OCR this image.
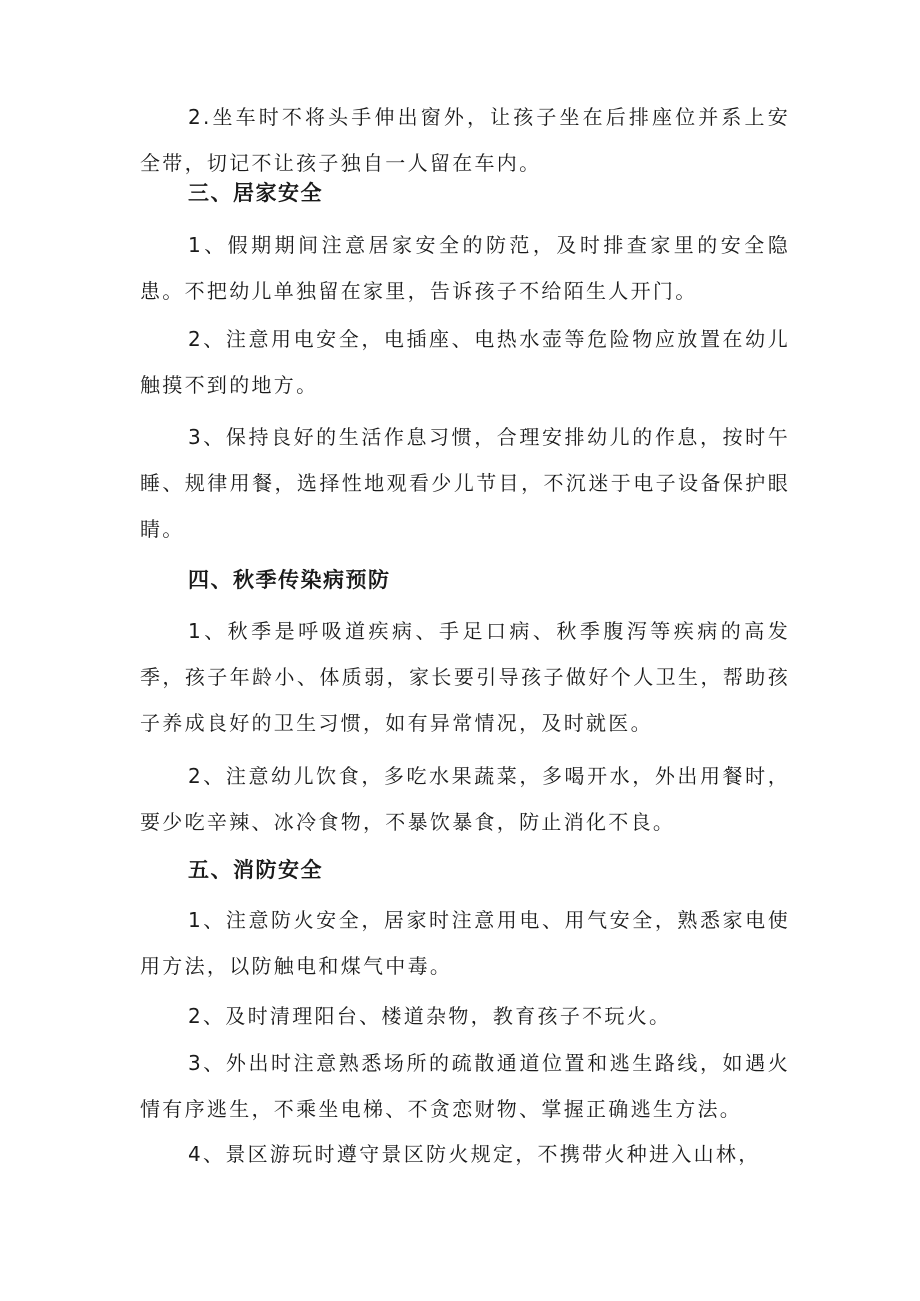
2.坐车时不将头手伸出窗外，让孩子坐在后排座位并系上安全带，切记不让孩子独自一人留在车内。

三、居家安全

1、假期期间注意居家安全的防范，及时排查家里的安全隐患。不把幼儿单独留在家里，告诉孩子不给陌生人开门。

2、注意用电安全，电插座、电热水壶等危险物应放置在幼儿触摸不到的地方。

3、保持良好的生活作息习惯，合理安排幼儿的作息，按时午睡、规律用餐，选择性地观看少儿节目，不沉迷于电子设备保护眼睛。

四、秋季传染病预防

1、秋季是呼吸道疾病、手足口病、秋季腹泻等疾病的高发季，孩子年龄小、体质弱，家长要引导孩子做好个人卫生，帮助孩子养成良好的卫生习惯，如有异常情况，及时就医。

2、注意幼儿饮食，多吃水果蔬菜，多喝开水，外出用餐时，要少吃辛辣、冰冷食物，不暴饮暴食，防止消化不良。

五、消防安全

1、注意防火安全，居家时注意用电、用气安全，熟悉家电使用方法，以防触电和煤气中毒。

2、及时清理阳台、楼道杂物，教育孩子不玩火。

3、外出时注意熟悉场所的疏散通道位置和逃生路线，如遇火情有序逃生，不乘坐电梯、不贪恋财物、掌握正确逃生方法。

4、景区游玩时遵守景区防火规定，不携带火种进入山林，
